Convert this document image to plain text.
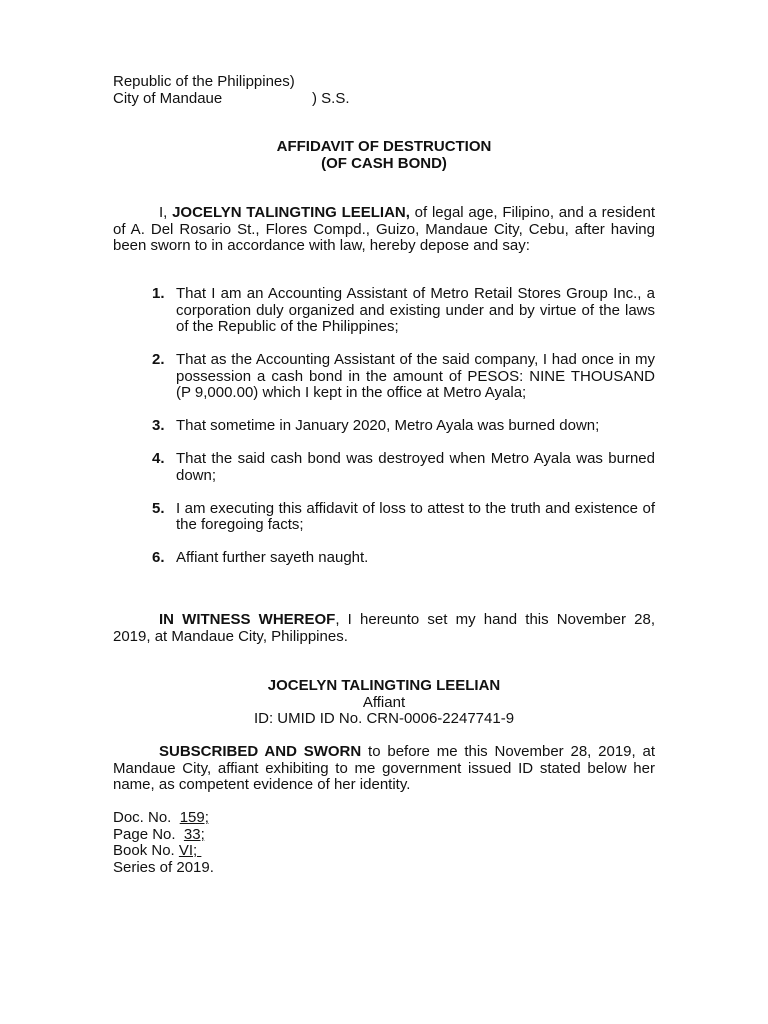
Republic of the Philippines)
City of Mandaue	) S.S.
AFFIDAVIT OF DESTRUCTION
(OF CASH BOND)
I, JOCELYN TALINGTING LEELIAN, of legal age, Filipino, and a resident of A. Del Rosario St., Flores Compd., Guizo, Mandaue City, Cebu, after having been sworn to in accordance with law, hereby depose and say:
1. That I am an Accounting Assistant of Metro Retail Stores Group Inc., a corporation duly organized and existing under and by virtue of the laws of the Republic of the Philippines;
2. That as the Accounting Assistant of the said company, I had once in my possession a cash bond in the amount of PESOS: NINE THOUSAND (P 9,000.00) which I kept in the office at Metro Ayala;
3. That sometime in January 2020, Metro Ayala was burned down;
4. That the said cash bond was destroyed when Metro Ayala was burned down;
5. I am executing this affidavit of loss to attest to the truth and existence of the foregoing facts;
6. Affiant further sayeth naught.
IN WITNESS WHEREOF, I hereunto set my hand this November 28, 2019, at Mandaue City, Philippines.
JOCELYN TALINGTING LEELIAN
Affiant
ID: UMID ID No. CRN-0006-2247741-9
SUBSCRIBED AND SWORN to before me this November 28, 2019, at Mandaue City, affiant exhibiting to me government issued ID stated below her name, as competent evidence of her identity.
Doc. No. 159;
Page No. 33;
Book No. VI;
Series of 2019.
